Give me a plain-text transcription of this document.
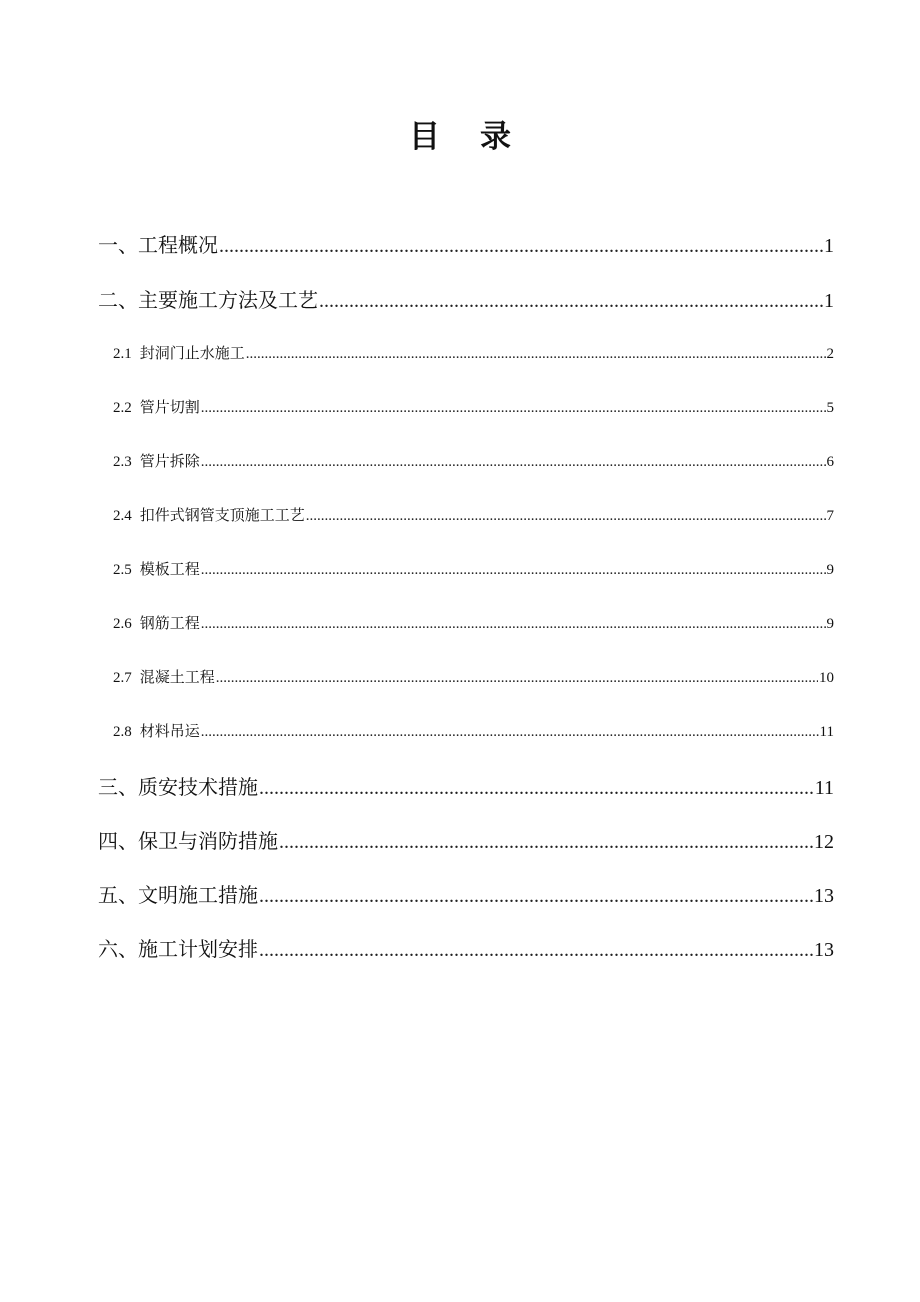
目 录
一、工程概况 .....	1
二、主要施工方法及工艺 .....	1
2.1 封洞门止水施工 .....	2
2.2 管片切割 .....	5
2.3 管片拆除 .....	6
2.4 扣件式钢管支顶施工工艺 .....	7
2.5 模板工程 .....	9
2.6 钢筋工程 .....	9
2.7 混凝土工程 .....	10
2.8 材料吊运 .....	11
三、质安技术措施 .....	11
四、保卫与消防措施 .....	12
五、文明施工措施 .....	13
六、施工计划安排 .....	13
